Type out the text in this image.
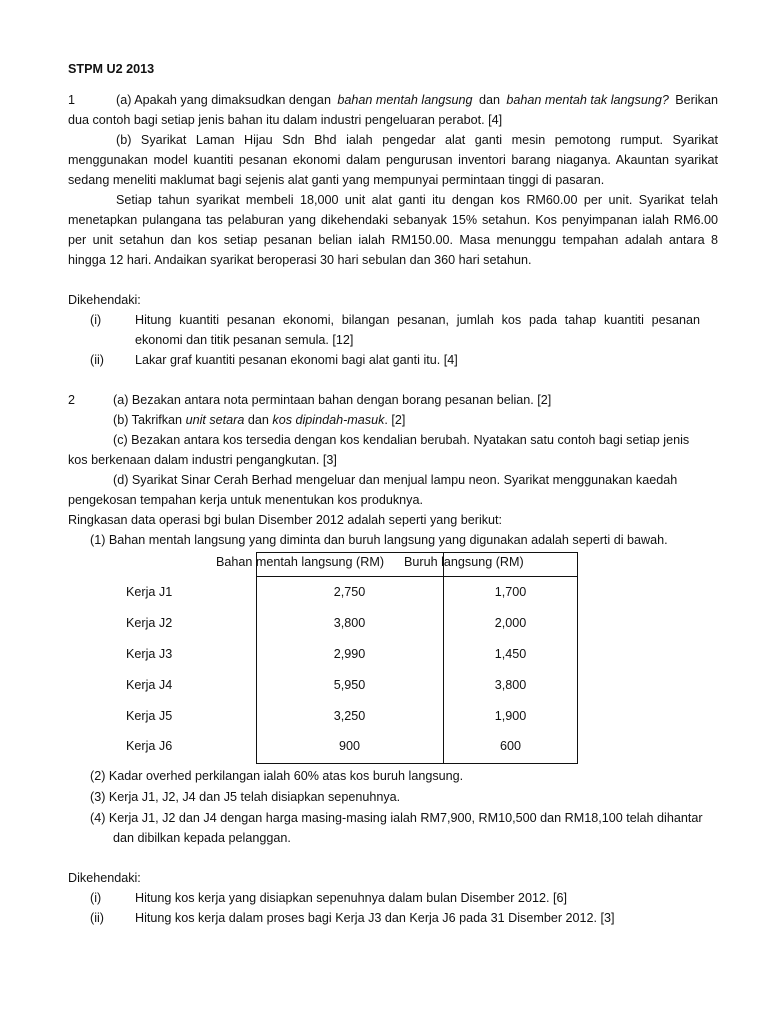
STPM U2 2013
1	(a) Apakah yang dimaksudkan dengan bahan mentah langsung dan bahan mentah tak langsung? Berikan
dua contoh bagi setiap jenis bahan itu dalam industri pengeluaran perabot. [4]
(b) Syarikat Laman Hijau Sdn Bhd ialah pengedar alat ganti mesin pemotong rumput. Syarikat
menggunakan model kuantiti pesanan ekonomi dalam pengurusan inventori barang niaganya. Akauntan syarikat
sedang meneliti maklumat bagi sejenis alat ganti yang mempunyai permintaan tinggi di pasaran.
Setiap tahun syarikat membeli 18,000 unit alat ganti itu dengan kos RM60.00 per unit. Syarikat telah
menetapkan pulangana tas pelaburan yang dikehendaki sebanyak 15% setahun. Kos penyimpanan ialah RM6.00
per unit setahun dan kos setiap pesanan belian ialah RM150.00. Masa menunggu tempahan adalah antara 8
hingga 12 hari. Andaikan syarikat beroperasi 30 hari sebulan dan 360 hari setahun.
Dikehendaki:
(i)	Hitung kuantiti pesanan ekonomi, bilangan pesanan, jumlah kos pada tahap kuantiti pesanan
ekonomi dan titik pesanan semula. [12]
(ii) Lakar graf kuantiti pesanan ekonomi bagi alat ganti itu. [4]
2	(a) Bezakan antara nota permintaan bahan dengan borang pesanan belian. [2]
(b) Takrifkan unit setara dan kos dipindah-masuk. [2]
(c) Bezakan antara kos tersedia dengan kos kendalian berubah. Nyatakan satu contoh bagi setiap jenis
kos berkenaan dalam industri pengangkutan. [3]
(d) Syarikat Sinar Cerah Berhad mengeluar dan menjual lampu neon. Syarikat menggunakan kaedah
pengekosan tempahan kerja untuk menentukan kos produknya.
Ringkasan data operasi bgi bulan Disember 2012 adalah seperti yang berikut:
(1) Bahan mentah langsung yang diminta dan buruh langsung yang digunakan adalah seperti di bawah.
Bahan mentah langsung (RM) Buruh langsung (RM)
Kerja J1	2,750	1,700
Kerja J2	3,800	2,000
Kerja J3	2,990	1,450
Kerja J4	5,950	3,800
Kerja J5	3,250	1,900
Kerja J6	900	600
(2) Kadar overhed perkilangan ialah 60% atas kos buruh langsung.
(3) Kerja J1, J2, J4 dan J5 telah disiapkan sepenuhnya.
(4) Kerja J1, J2 dan J4 dengan harga masing-masing ialah RM7,900, RM10,500 dan RM18,100 telah dihantar
dan dibilkan kepada pelanggan.
Dikehendaki:
(i)	Hitung kos kerja yang disiapkan sepenuhnya dalam bulan Disember 2012. [6]
(ii) Hitung kos kerja dalam proses bagi Kerja J3 dan Kerja J6 pada 31 Disember 2012. [3]
